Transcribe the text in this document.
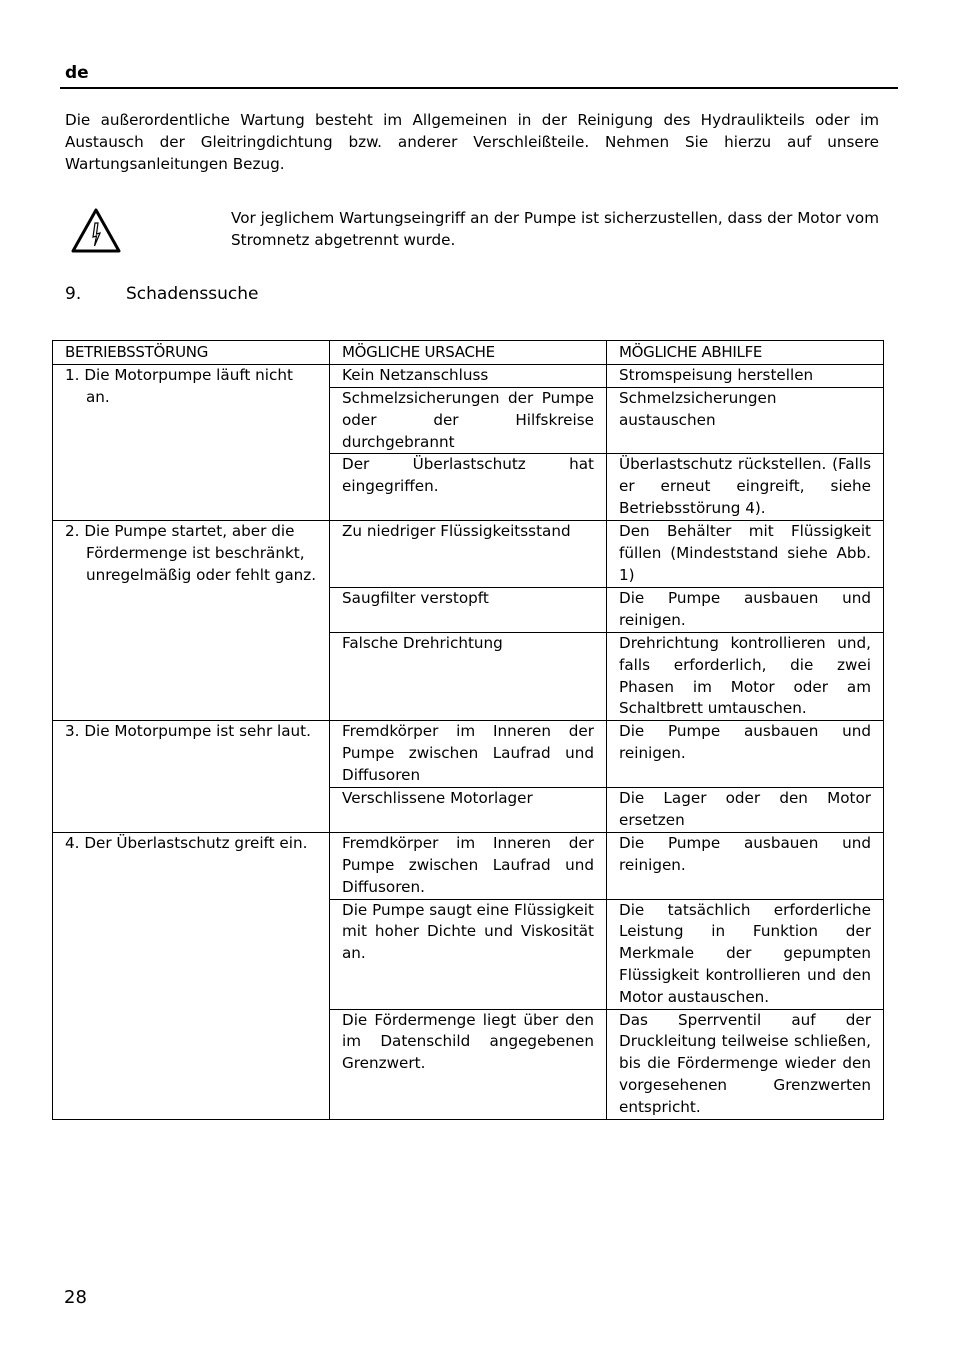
de
Die außerordentliche Wartung besteht im Allgemeinen in der Reinigung des Hydraulikteils oder im Austausch der Gleitringdichtung bzw. anderer Verschleißteile. Nehmen Sie hierzu auf unsere Wartungsanleitungen Bezug.
Vor jeglichem Wartungseingriff an der Pumpe ist sicherzustellen, dass der Motor vom Stromnetz abgetrennt wurde.
9.	Schadenssuche
BETRIEBSSTÖRUNG	MÖGLICHE URSACHE	MÖGLICHE ABHILFE

1. Die Motorpumpe läuft nicht an.	Kein Netzanschluss	Stromspeisung herstellen
	Schmelzsicherungen der Pumpe oder der Hilfskreise durchgebrannt	Schmelzsicherungen austauschen
	Der Überlastschutz hat eingegriffen.	Überlastschutz rückstellen. (Falls er erneut eingreift, siehe Betriebsstörung 4).

2. Die Pumpe startet, aber die Fördermenge ist beschränkt, unregelmäßig oder fehlt ganz.	Zu niedriger Flüssigkeitsstand	Den Behälter mit Flüssigkeit füllen (Mindeststand siehe Abb. 1)
	Saugfilter verstopft	Die Pumpe ausbauen und reinigen.
	Falsche Drehrichtung	Drehrichtung kontrollieren und, falls erforderlich, die zwei Phasen im Motor oder am Schaltbrett umtauschen.

3. Die Motorpumpe ist sehr laut.	Fremdkörper im Inneren der Pumpe zwischen Laufrad und Diffusoren	Die Pumpe ausbauen und reinigen.
	Verschlissene Motorlager	Die Lager oder den Motor ersetzen

4. Der Überlastschutz greift ein.	Fremdkörper im Inneren der Pumpe zwischen Laufrad und Diffusoren.	Die Pumpe ausbauen und reinigen.
	Die Pumpe saugt eine Flüssigkeit mit hoher Dichte und Viskosität an.	Die tatsächlich erforderliche Leistung in Funktion der Merkmale der gepumpten Flüssigkeit kontrollieren und den Motor austauschen.
	Die Fördermenge liegt über den im Datenschild angegebenen Grenzwert.	Das Sperrventil auf der Druckleitung teilweise schließen, bis die Fördermenge wieder den vorgesehenen Grenzwerten entspricht.
28
